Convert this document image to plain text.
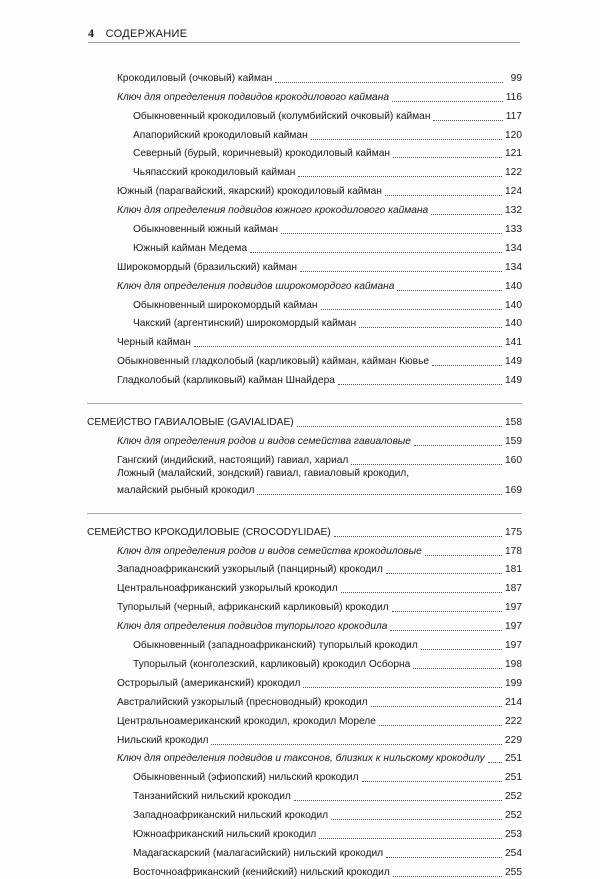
4 СОДЕРЖАНИЕ
Крокодиловый (очковый) кайман	99
Ключ для определения подвидов крокодилового каймана	116
Обыкновенный крокодиловый (колумбийский очковый) кайман	117
Апапорийский крокодиловый кайман	120
Северный (бурый, коричневый) крокодиловый кайман	121
Чьяпасский крокодиловый кайман	122
Южный (парагвайский, якарский) крокодиловый кайман	124
Ключ для определения подвидов южного крокодилового каймана	132
Обыкновенный южный кайман	133
Южный кайман Медема	134
Широкомордый (бразильский) кайман	134
Ключ для определения подвидов широкомордого каймана	140
Обыкновенный широкомордый кайман	140
Чакский (аргентинский) широкомордый кайман	140
Черный кайман	141
Обыкновенный гладколобый (карликовый) кайман, кайман Кювье	149
Гладколобый (карликовый) кайман Шнайдера	149
СЕМЕЙСТВО ГАВИАЛОВЫЕ (GAVIALIDAE)	158
Ключ для определения родов и видов семейства гавиаловые	159
Гангский (индийский, настоящий) гавиал, хариал	160
Ложный (малайский, зондский) гавиал, гавиаловый крокодил,
малайский рыбный крокодил	169
СЕМЕЙСТВО КРОКОДИЛОВЫЕ (CROCODYLIDAE)	175
Ключ для определения родов и видов семейства крокодиловые	178
Западноафриканский узкорылый (панцирный) крокодил	181
Центральноафриканский узкорылый крокодил	187
Тупорылый (черный, африканский карликовый) крокодил	197
Ключ для определения подвидов тупорылого крокодила	197
Обыкновенный (западноафриканский) тупорылый крокодил	197
Тупорылый (конголезский, карликовый) крокодил Осборна	198
Острорылый (американский) крокодил	199
Австралийский узкорылый (пресноводный) крокодил	214
Центральноамериканский крокодил, крокодил Мореле	222
Нильский крокодил	229
Ключ для определения подвидов и таксонов, близких к нильскому крокодилу 251
Обыкновенный (эфиопский) нильский крокодил	251
Танзанийский нильский крокодил	252
Западноафриканский нильский крокодил	252
Южноафриканский нильский крокодил	253
Мадагаскарский (малагасийский) нильский крокодил	254
Восточноафриканский (кенийский) нильский крокодил	255
